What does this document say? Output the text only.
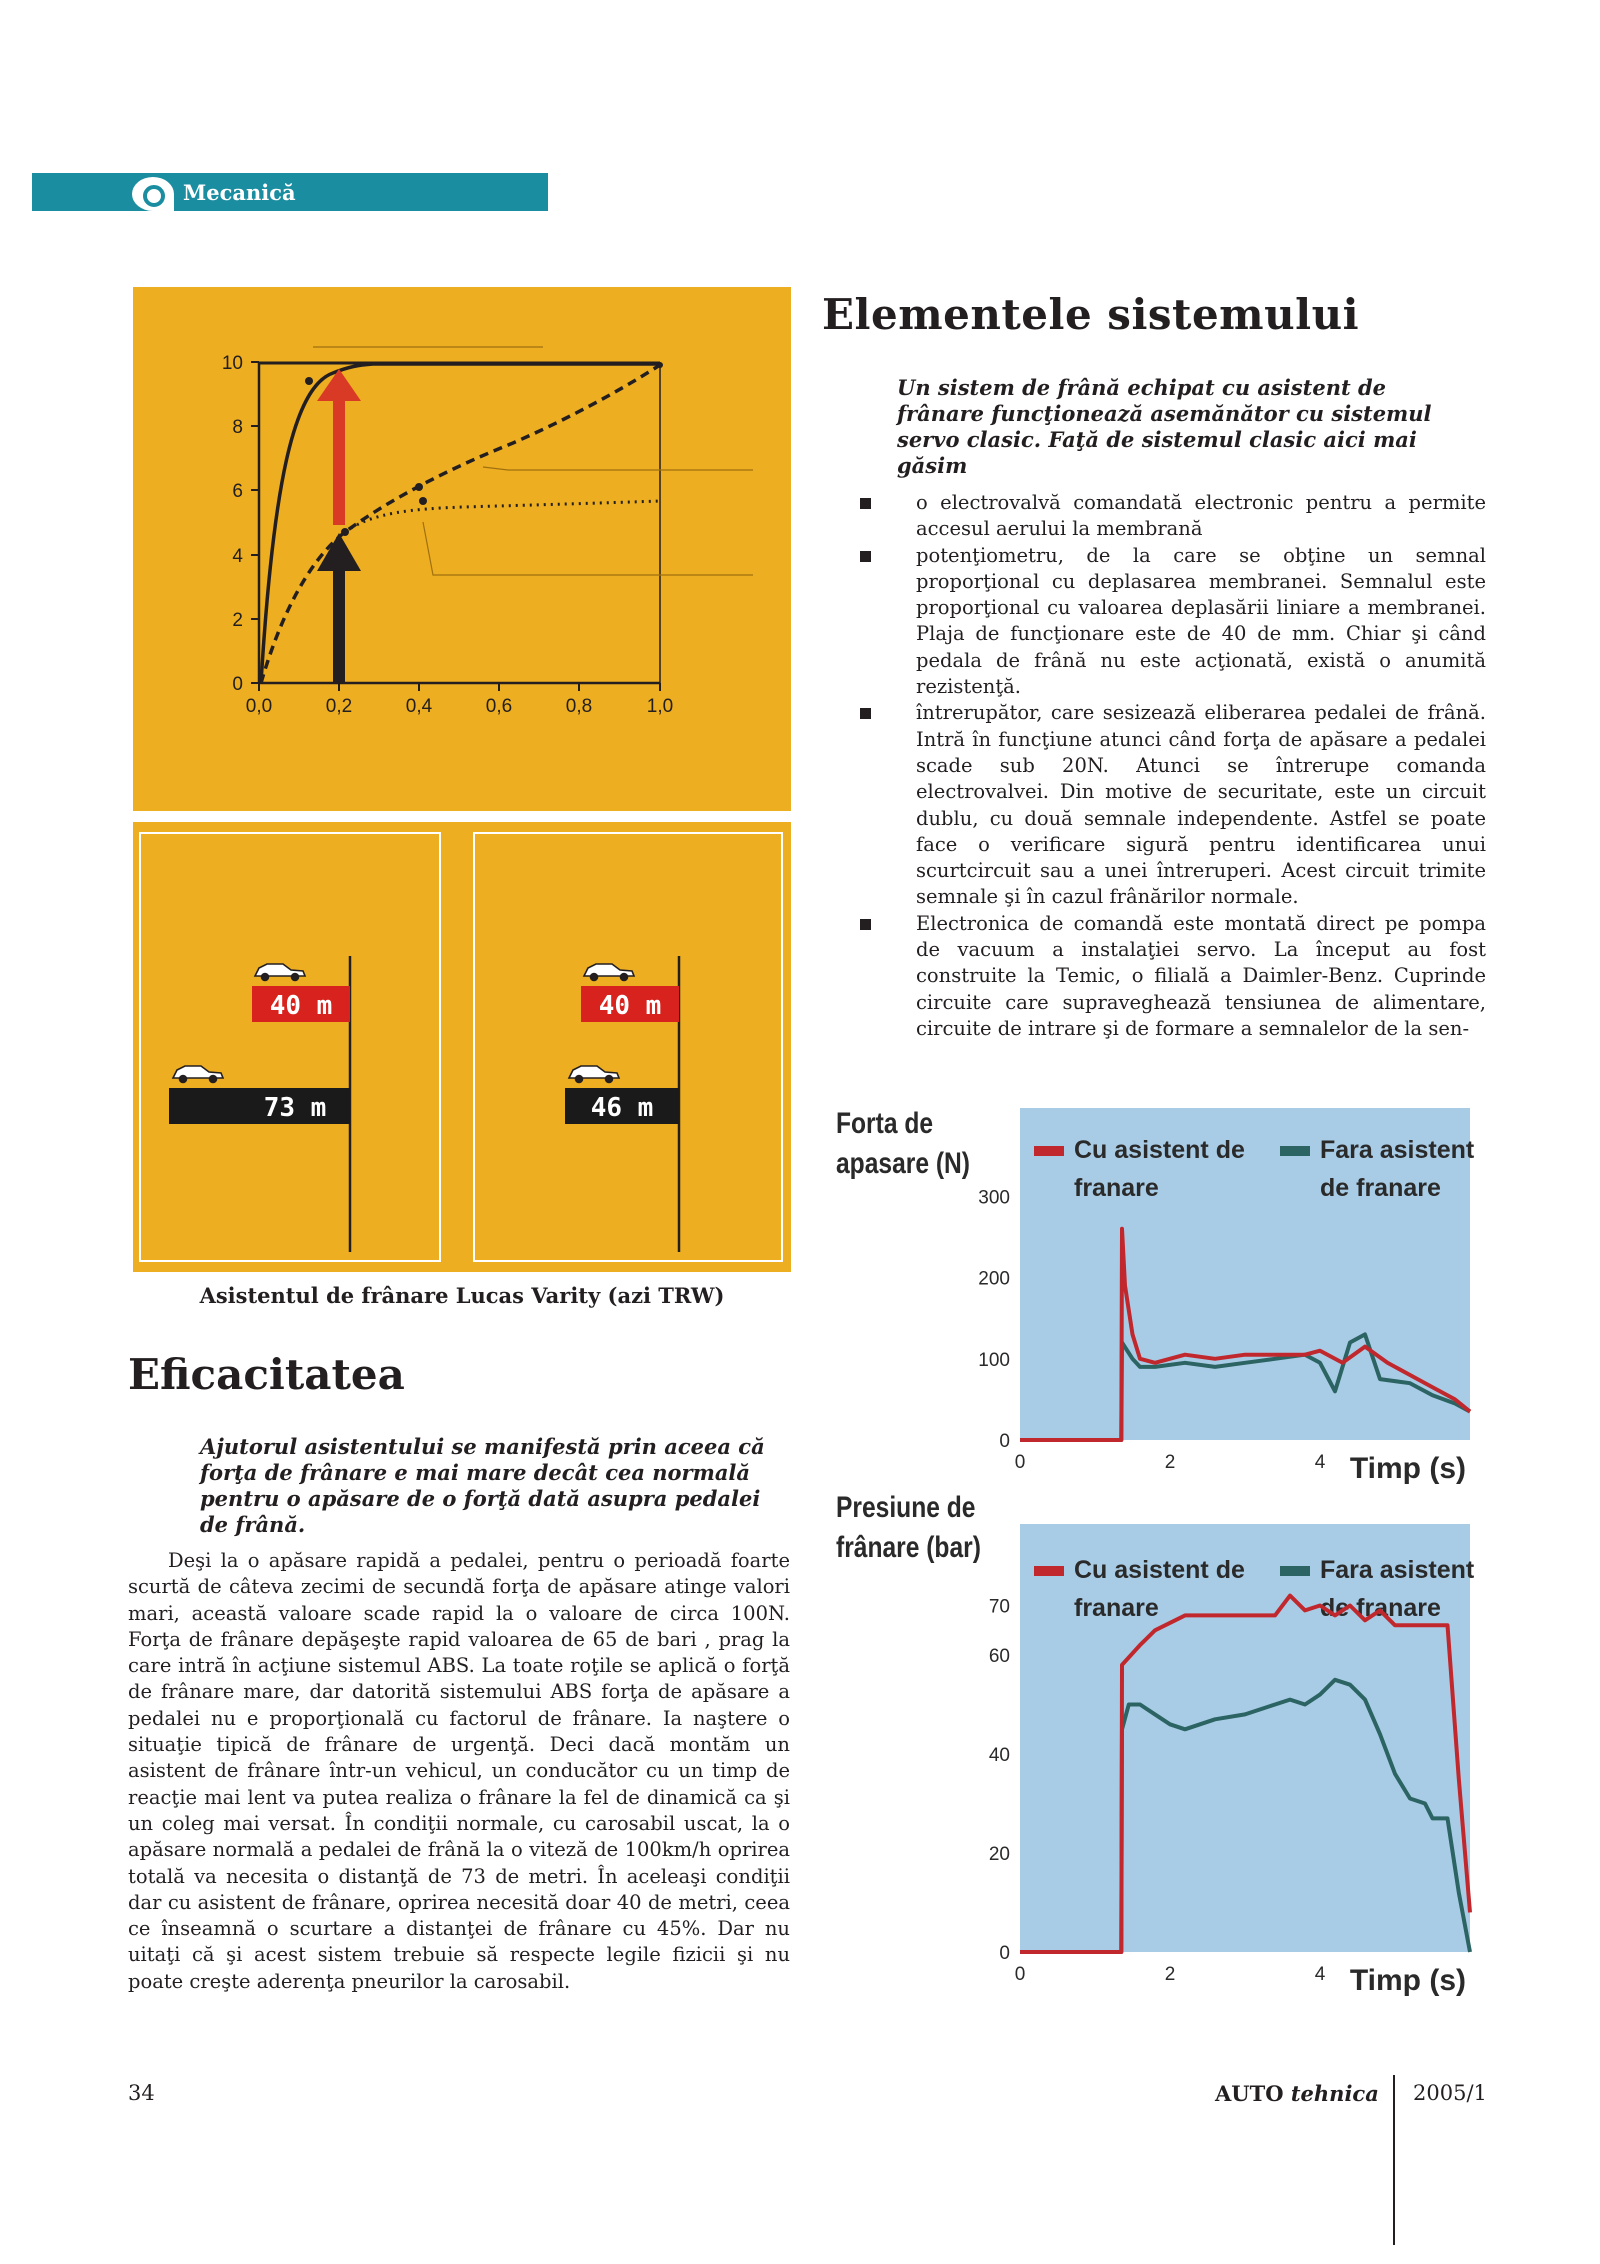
Mecanică
10
8
6
4
2
0
0,0	0,2	0,4	0,6	0,8	1,0
40 m
73 m
40 m
46 m
Asistentul de frânare Lucas Varity (azi TRW)
Elementele sistemului
Un sistem de frână echipat cu asistent de frânare funcţionează asemănător cu sistemul servo clasic. Faţă de sistemul clasic aici mai găsim
o electrovalvă comandată electronic pentru a permite accesul aerului la membrană
potenţiometru, de la care se obţine un semnal proporţional cu deplasarea membranei. Semnalul este proporţional cu valoarea deplasării liniare a membranei. Plaja de funcţionare este de 40 de mm. Chiar şi când pedala de frână nu este acţionată, există o anumită rezistenţă.
întrerupător, care sesizează eliberarea pedalei de frână. Intră în funcţiune atunci când forţa de apăsare a pedalei scade sub 20N. Atunci se întrerupe comanda electrovalvei. Din motive de securitate, este un circuit dublu, cu două semnale independente. Astfel se poate face o verificare sigură pentru identificarea unui scurtcircuit sau a unei întreruperi. Acest circuit trimite semnale şi în cazul frânărilor normale.
Electronica de comandă este montată direct pe pompa de vacuum a instalaţiei servo. La început au fost construite la Temic, o filială a Daimler-Benz. Cuprinde circuite care supraveghează tensiunea de alimentare, circuite de intrare şi de formare a semnalelor de la sen-
Eficacitatea
Ajutorul asistentului se manifestă prin aceea că forţa de frânare e mai mare decât cea normală pentru o apăsare de o forţă dată asupra pedalei de frână.

Deşi la o apăsare rapidă a pedalei, pentru o perioadă foarte scurtă de câteva zecimi de secundă forţa de apăsare atinge valori mari, această valoare scade rapid la o valoare de circa 100N. Forţa de frânare depăşeşte rapid valoarea de 65 de bari , prag la care intră în acţiune sistemul ABS. La toate roţile se aplică o forţă de frânare mare, dar datorită sistemului ABS forţa de apăsare a pedalei nu e proporţională cu factorul de frânare. Ia naştere o situaţie tipică de frânare de urgenţă. Deci dacă montăm un asistent de frânare într-un vehicul, un conducător cu un timp de reacţie mai lent va putea realiza o frânare la fel de dinamică ca şi un coleg mai versat. În condiţii normale, cu carosabil uscat, la o apăsare normală a pedalei de frână la o viteză de 100km/h oprirea totală va necesita o distanţă de 73 de metri. În aceleaşi condiţii dar cu asistent de frânare, oprirea necesită doar 40 de metri, ceea ce înseamnă o scurtare a distanţei de frânare cu 45%. Dar nu uitaţi că şi acest sistem trebuie să respecte legile fizicii şi nu poate creşte aderenţa pneurilor la carosabil.

Forta de
apasare (N)
300
200
100
0
0	2	4 Timp (s)
Cu asistent de
franare
Fara asistent
de franare
Presiune de
frânare (bar)
70
60
40
20
0
0	2	4 Timp (s)
Cu asistent de
franare
Fara asistent
de franare
34	AUTO tehnica 2005/1
